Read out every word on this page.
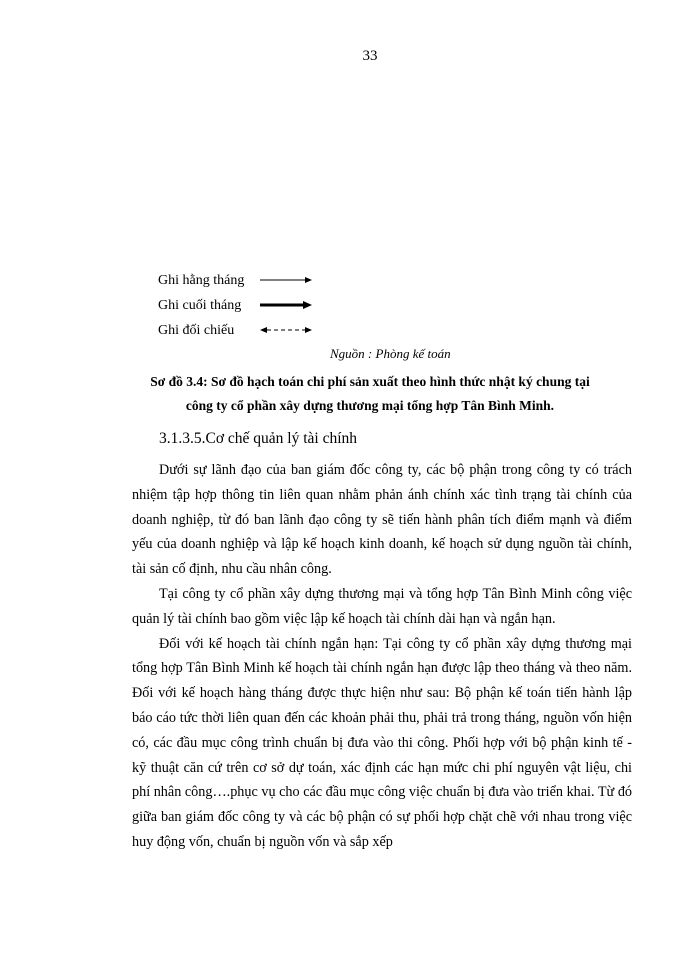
33
Ghi hằng tháng
Ghi cuối tháng
Ghi đối chiếu
Nguồn : Phòng kế toán
Sơ đồ 3.4: Sơ đồ hạch toán chi phí sản xuất theo hình thức nhật ký chung tại
công ty cổ phần xây dựng thương mại tổng hợp Tân Bình Minh.
3.1.3.5.Cơ chế quản lý tài chính

Dưới sự lãnh đạo của ban giám đốc công ty, các bộ phận trong công ty có trách nhiệm tập hợp thông tin liên quan nhằm phản ánh chính xác tình trạng tài chính của doanh nghiệp, từ đó ban lãnh đạo công ty sẽ tiến hành phân tích điểm mạnh và điểm yếu của doanh nghiệp và lập kế hoạch kinh doanh, kế hoạch sử dụng nguồn tài chính, tài sản cố định, nhu cầu nhân công.

Tại công ty cổ phần xây dựng thương mại và tổng hợp Tân Bình Minh công việc quản lý tài chính bao gồm việc lập kế hoạch tài chính dài hạn và ngắn hạn.

Đối với kế hoạch tài chính ngắn hạn: Tại công ty cổ phần xây dựng thương mại tổng hợp Tân Bình Minh kế hoạch tài chính ngắn hạn được lập theo tháng và theo năm. Đối với kế hoạch hàng tháng được thực hiện như sau: Bộ phận kế toán tiến hành lập báo cáo tức thời liên quan đến các khoản phải thu, phải trả trong tháng, nguồn vốn hiện có, các đầu mục công trình chuẩn bị đưa vào thi công. Phối hợp với bộ phận kinh tế - kỹ thuật căn cứ trên cơ sở dự toán, xác định các hạn mức chi phí nguyên vật liệu, chi phí nhân công….phục vụ cho các đầu mục công việc chuẩn bị đưa vào triển khai. Từ đó giữa ban giám đốc công ty và các bộ phận có sự phối hợp chặt chẽ với nhau trong việc huy động vốn, chuẩn bị nguồn vốn và sắp xếp
